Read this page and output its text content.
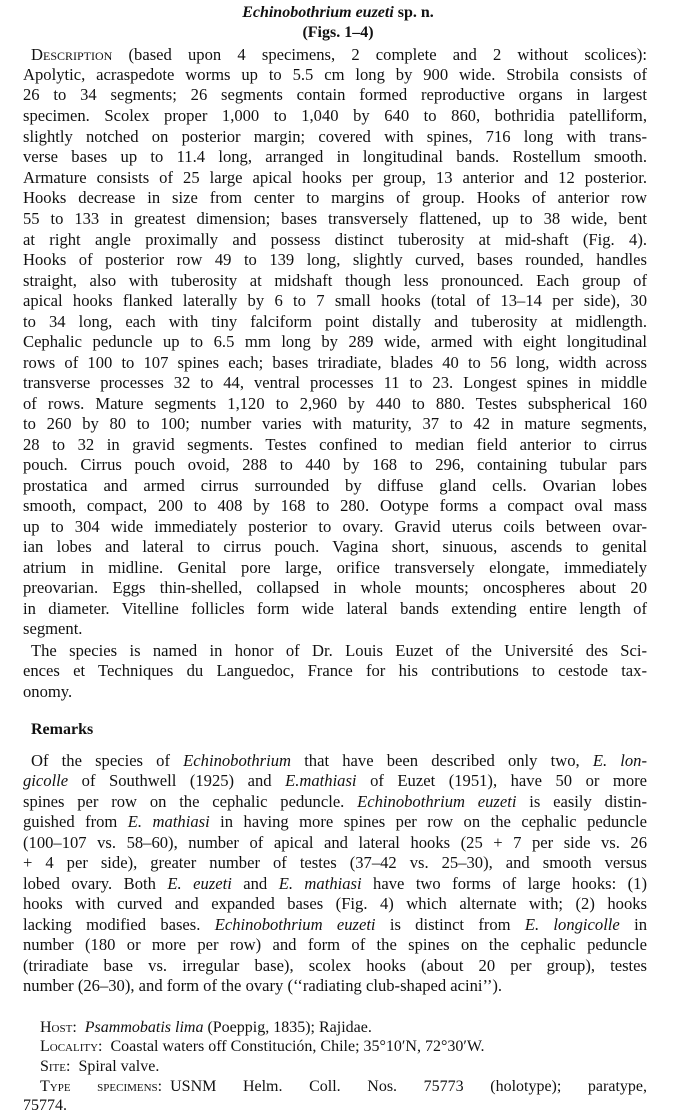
Echinobothrium euzeti sp. n.
(Figs. 1–4)
Description (based upon 4 specimens, 2 complete and 2 without scolices):
Apolytic, acraspedote worms up to 5.5 cm long by 900 wide. Strobila consists of
26 to 34 segments; 26 segments contain formed reproductive organs in largest
specimen. Scolex proper 1,000 to 1,040 by 640 to 860, bothridia patelliform,
slightly notched on posterior margin; covered with spines, 716 long with trans-
verse bases up to 11.4 long, arranged in longitudinal bands. Rostellum smooth.
Armature consists of 25 large apical hooks per group, 13 anterior and 12 posterior.
Hooks decrease in size from center to margins of group. Hooks of anterior row
55 to 133 in greatest dimension; bases transversely flattened, up to 38 wide, bent
at right angle proximally and possess distinct tuberosity at mid-shaft (Fig. 4).
Hooks of posterior row 49 to 139 long, slightly curved, bases rounded, handles
straight, also with tuberosity at midshaft though less pronounced. Each group of
apical hooks flanked laterally by 6 to 7 small hooks (total of 13–14 per side), 30
to 34 long, each with tiny falciform point distally and tuberosity at midlength.
Cephalic peduncle up to 6.5 mm long by 289 wide, armed with eight longitudinal
rows of 100 to 107 spines each; bases triradiate, blades 40 to 56 long, width across
transverse processes 32 to 44, ventral processes 11 to 23. Longest spines in middle
of rows. Mature segments 1,120 to 2,960 by 440 to 880. Testes subspherical 160
to 260 by 80 to 100; number varies with maturity, 37 to 42 in mature segments,
28 to 32 in gravid segments. Testes confined to median field anterior to cirrus
pouch. Cirrus pouch ovoid, 288 to 440 by 168 to 296, containing tubular pars
prostatica and armed cirrus surrounded by diffuse gland cells. Ovarian lobes
smooth, compact, 200 to 408 by 168 to 280. Ootype forms a compact oval mass
up to 304 wide immediately posterior to ovary. Gravid uterus coils between ovar-
ian lobes and lateral to cirrus pouch. Vagina short, sinuous, ascends to genital
atrium in midline. Genital pore large, orifice transversely elongate, immediately
preovarian. Eggs thin-shelled, collapsed in whole mounts; oncospheres about 20
in diameter. Vitelline follicles form wide lateral bands extending entire length of
segment.
The species is named in honor of Dr. Louis Euzet of the Université des Sci-
ences et Techniques du Languedoc, France for his contributions to cestode tax-
onomy.
Remarks
Of the species of Echinobothrium that have been described only two, E. lon-
gicolle of Southwell (1925) and E.mathiasi of Euzet (1951), have 50 or more
spines per row on the cephalic peduncle. Echinobothrium euzeti is easily distin-
guished from E. mathiasi in having more spines per row on the cephalic peduncle
(100–107 vs. 58–60), number of apical and lateral hooks (25 + 7 per side vs. 26
+ 4 per side), greater number of testes (37–42 vs. 25–30), and smooth versus
lobed ovary. Both E. euzeti and E. mathiasi have two forms of large hooks: (1)
hooks with curved and expanded bases (Fig. 4) which alternate with; (2) hooks
lacking modified bases. Echinobothrium euzeti is distinct from E. longicolle in
number (180 or more per row) and form of the spines on the cephalic peduncle
(triradiate base vs. irregular base), scolex hooks (about 20 per group), testes
number (26–30), and form of the ovary (‘‘radiating club-shaped acini’’).
Host: Psammobatis lima (Poeppig, 1835); Rajidae.
Locality: Coastal waters off Constitución, Chile; 35°10′N, 72°30′W.
Site: Spiral valve.
Type specimens: USNM Helm. Coll. Nos. 75773 (holotype); paratype,
75774.
